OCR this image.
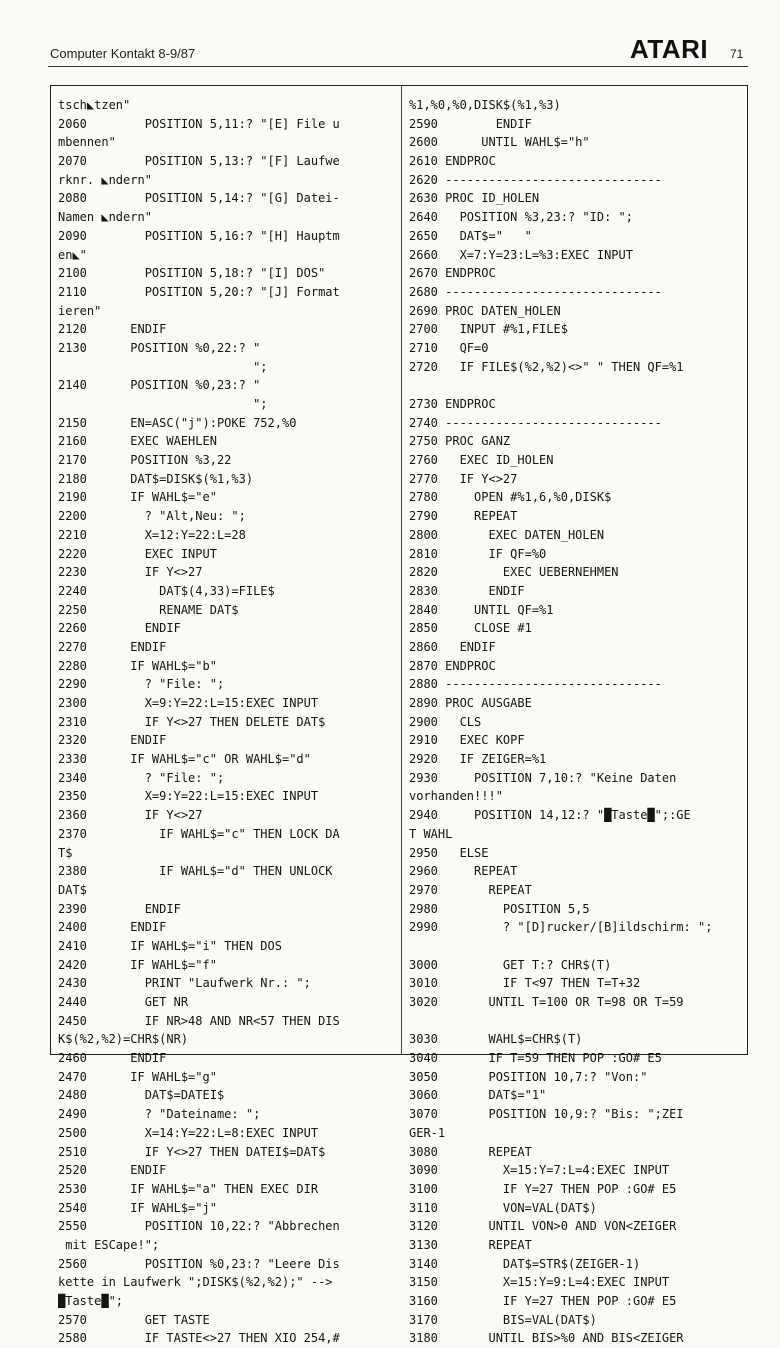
Computer Kontakt 8-9/87	ATARI 71
tsch◣tzen"
2060        POSITION 5,11:? "[E] File u
mbennen"
2070        POSITION 5,13:? "[F] Laufwe
rknr. ◣ndern"
2080        POSITION 5,14:? "[G] Datei-
Namen ◣ndern"
2090        POSITION 5,16:? "[H] Hauptm
en◣"
2100        POSITION 5,18:? "[I] DOS"
2110        POSITION 5,20:? "[J] Format
ieren"
2120      ENDIF
2130      POSITION %0,22:? "
";
2140      POSITION %0,23:? "
";
2150      EN=ASC("j"):POKE 752,%0
2160      EXEC WAEHLEN
2170      POSITION %3,22
2180      DAT$=DISK$(%1,%3)
2190      IF WAHL$="e"
2200        ? "Alt,Neu: ";
2210        X=12:Y=22:L=28
2220        EXEC INPUT
2230        IF Y<>27
2240          DAT$(4,33)=FILE$
2250          RENAME DAT$
2260        ENDIF
2270      ENDIF
2280      IF WAHL$="b"
2290        ? "File: ";
2300        X=9:Y=22:L=15:EXEC INPUT
2310        IF Y<>27 THEN DELETE DAT$
2320      ENDIF
2330      IF WAHL$="c" OR WAHL$="d"
2340        ? "File: ";
2350        X=9:Y=22:L=15:EXEC INPUT
2360        IF Y<>27
2370          IF WAHL$="c" THEN LOCK DA
T$
2380          IF WAHL$="d" THEN UNLOCK
DAT$
2390        ENDIF
2400      ENDIF
2410      IF WAHL$="i" THEN DOS
2420      IF WAHL$="f"
2430        PRINT "Laufwerk Nr.: ";
2440        GET NR
2450        IF NR>48 AND NR<57 THEN DIS
K$(%2,%2)=CHR$(NR)
2460      ENDIF
2470      IF WAHL$="g"
2480        DAT$=DATEI$
2490        ? "Dateiname: ";
2500        X=14:Y=22:L=8:EXEC INPUT
2510        IF Y<>27 THEN DATEI$=DAT$
2520      ENDIF
2530      IF WAHL$="a" THEN EXEC DIR
2540      IF WAHL$="j"
2550        POSITION 10,22:? "Abbrechen
mit ESCape!";
2560        POSITION %0,23:? "Leere Dis
kette in Laufwerk ";DISK$(%2,%2);" -->
█Taste█";
2570        GET TASTE
2580        IF TASTE<>27 THEN XIO 254,#
%1,%0,%0,DISK$(%1,%3)
2590        ENDIF
2600      UNTIL WAHL$="h"
2610 ENDPROC
2620 ------------------------------
2630 PROC ID_HOLEN
2640   POSITION %3,23:? "ID: ";
2650   DAT$="   "
2660   X=7:Y=23:L=%3:EXEC INPUT
2670 ENDPROC
2680 ------------------------------
2690 PROC DATEN_HOLEN
2700   INPUT #%1,FILE$
2710   QF=0
2720   IF FILE$(%2,%2)<>" " THEN QF=%1
2730 ENDPROC
2740 ------------------------------
2750 PROC GANZ
2760   EXEC ID_HOLEN
2770   IF Y<>27
2780     OPEN #%1,6,%0,DISK$
2790     REPEAT
2800       EXEC DATEN_HOLEN
2810       IF QF=%0
2820         EXEC UEBERNEHMEN
2830       ENDIF
2840     UNTIL QF=%1
2850     CLOSE #1
2860   ENDIF
2870 ENDPROC
2880 ------------------------------
2890 PROC AUSGABE
2900   CLS
2910   EXEC KOPF
2920   IF ZEIGER=%1
2930     POSITION 7,10:? "Keine Daten
vorhanden!!!"
2940     POSITION 14,12:? "█Taste█";:GE
T WAHL
2950   ELSE
2960     REPEAT
2970       REPEAT
2980         POSITION 5,5
2990         ? "[D]rucker/[B]ildschirm: ";
3000         GET T:? CHR$(T)
3010         IF T<97 THEN T=T+32
3020       UNTIL T=100 OR T=98 OR T=59
3030       WAHL$=CHR$(T)
3040       IF T=59 THEN POP :GO# E5
3050       POSITION 10,7:? "Von:"
3060       DAT$="1"
3070       POSITION 10,9:? "Bis: ";ZEI
GER-1
3080       REPEAT
3090         X=15:Y=7:L=4:EXEC INPUT
3100         IF Y=27 THEN POP :GO# E5
3110         VON=VAL(DAT$)
3120       UNTIL VON>0 AND VON<ZEIGER
3130       REPEAT
3140         DAT$=STR$(ZEIGER-1)
3150         X=15:Y=9:L=4:EXEC INPUT
3160         IF Y=27 THEN POP :GO# E5
3170         BIS=VAL(DAT$)
3180       UNTIL BIS>%0 AND BIS<ZEIGER
